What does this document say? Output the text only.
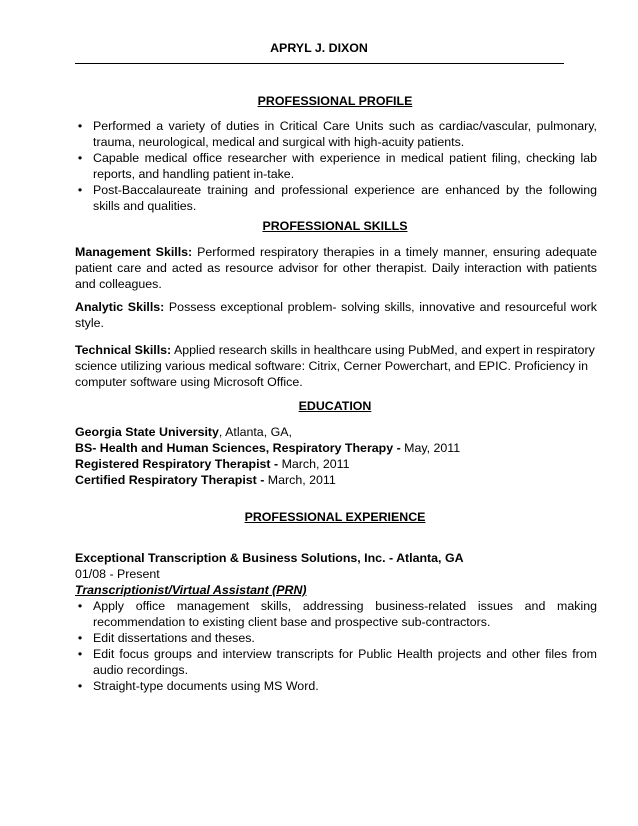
APRYL J. DIXON
PROFESSIONAL PROFILE
• Performed a variety of duties in Critical Care Units such as cardiac/vascular, pulmonary, trauma, neurological, medical and surgical with high-acuity patients.
• Capable medical office researcher with experience in medical patient filing, checking lab reports, and handling patient in-take.
• Post-Baccalaureate training and professional experience are enhanced by the following skills and qualities.
PROFESSIONAL SKILLS
Management Skills: Performed respiratory therapies in a timely manner, ensuring adequate patient care and acted as resource advisor for other therapist. Daily interaction with patients and colleagues.
Analytic Skills: Possess exceptional problem- solving skills, innovative and resourceful work style.
Technical Skills: Applied research skills in healthcare using PubMed, and expert in respiratory science utilizing various medical software: Citrix, Cerner Powerchart, and EPIC. Proficiency in computer software using Microsoft Office.
EDUCATION
Georgia State University, Atlanta, GA,
BS- Health and Human Sciences, Respiratory Therapy - May, 2011
Registered Respiratory Therapist - March, 2011
Certified Respiratory Therapist - March, 2011
PROFESSIONAL EXPERIENCE
Exceptional Transcription & Business Solutions, Inc. - Atlanta, GA
01/08 - Present
Transcriptionist/Virtual Assistant (PRN)
• Apply office management skills, addressing business-related issues and making recommendation to existing client base and prospective sub-contractors.
• Edit dissertations and theses.
• Edit focus groups and interview transcripts for Public Health projects and other files from audio recordings.
• Straight-type documents using MS Word.
